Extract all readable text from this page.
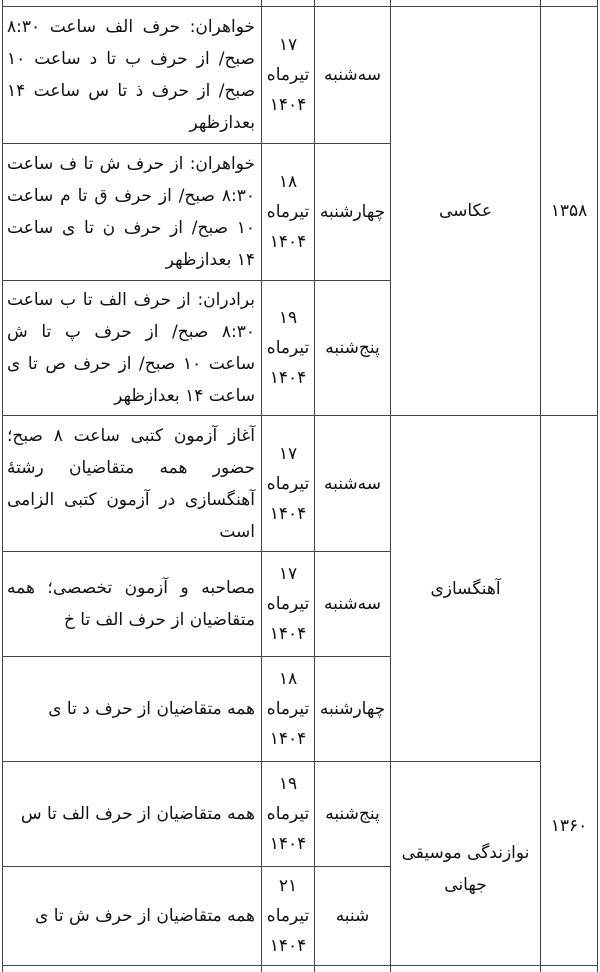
۱۳۵۸
۱۳۶۰
عکاسی
آهنگسازی
نوازندگی موسیقی جهانی
سه‌شنبه
۱۷
تیرماه
۱۴۰۴
خواهران: حرف الف ساعت ۸:۳۰ صبح/ از حرف ب تا د ساعت ۱۰ صبح/ از حرف ذ تا س ساعت ۱۴ بعدازظهر
چهارشنبه
۱۸
تیرماه
۱۴۰۴
خواهران: از حرف ش تا ف ساعت ۸:۳۰ صبح/ از حرف ق تا م ساعت ۱۰ صبح/ از حرف ن تا ی ساعت ۱۴ بعدازظهر
پنج‌شنبه
۱۹
تیرماه
۱۴۰۴
برادران: از حرف الف تا ب ساعت ۸:۳۰ صبح/ از حرف پ تا ش ساعت ۱۰ صبح/ از حرف ص تا ی ساعت ۱۴ بعدازظهر
سه‌شنبه
۱۷
تیرماه
۱۴۰۴
آغاز آزمون کتبی ساعت ۸ صبح؛ حضور همه متقاضیان رشتهٔ آهنگسازی در آزمون کتبی الزامی است
سه‌شنبه
۱۷
تیرماه
۱۴۰۴
مصاحبه و آزمون تخصصی؛ همه متقاضیان از حرف الف تا خ
چهارشنبه
۱۸
تیرماه
۱۴۰۴
همه متقاضیان از حرف د تا ی
پنج‌شنبه
۱۹
تیرماه
۱۴۰۴
همه متقاضیان از حرف الف تا س
شنبه
۲۱
تیرماه
۱۴۰۴
همه متقاضیان از حرف ش تا ی
